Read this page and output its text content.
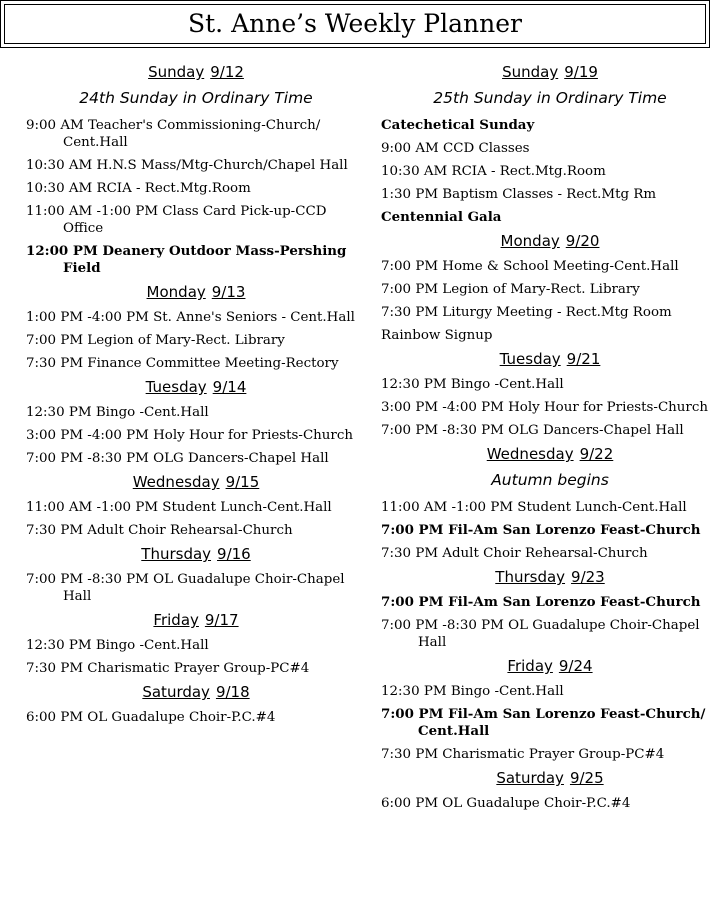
St. Anne’s Weekly Planner
Sunday 9/12
24th Sunday in Ordinary Time
9:00 AM Teacher's Commissioning-Church/ Cent.Hall
10:30 AM H.N.S Mass/Mtg-Church/Chapel Hall
10:30 AM RCIA - Rect.Mtg.Room
11:00 AM -1:00 PM Class Card Pick-up-CCD Office
12:00 PM Deanery Outdoor Mass-Pershing Field
Monday 9/13
1:00 PM -4:00 PM St. Anne's Seniors - Cent.Hall
7:00 PM Legion of Mary-Rect. Library
7:30 PM Finance Committee Meeting-Rectory
Tuesday 9/14
12:30 PM Bingo -Cent.Hall
3:00 PM -4:00 PM Holy Hour for Priests-Church
7:00 PM -8:30 PM OLG Dancers-Chapel Hall
Wednesday 9/15
11:00 AM -1:00 PM Student Lunch-Cent.Hall
7:30 PM Adult Choir Rehearsal-Church
Thursday 9/16
7:00 PM -8:30 PM OL Guadalupe Choir-Chapel Hall
Friday 9/17
12:30 PM Bingo -Cent.Hall
7:30 PM Charismatic Prayer Group-PC#4
Saturday 9/18
6:00 PM OL Guadalupe Choir-P.C.#4
Sunday 9/19
25th Sunday in Ordinary Time
Catechetical Sunday
9:00 AM CCD Classes
10:30 AM RCIA - Rect.Mtg.Room
1:30 PM Baptism Classes - Rect.Mtg Rm
Centennial Gala
Monday 9/20
7:00 PM Home & School Meeting-Cent.Hall
7:00 PM Legion of Mary-Rect. Library
7:30 PM Liturgy Meeting - Rect.Mtg Room
Rainbow Signup
Tuesday 9/21
12:30 PM Bingo -Cent.Hall
3:00 PM -4:00 PM Holy Hour for Priests-Church
7:00 PM -8:30 PM OLG Dancers-Chapel Hall
Wednesday 9/22
Autumn begins
11:00 AM -1:00 PM Student Lunch-Cent.Hall
7:00 PM Fil-Am San Lorenzo Feast-Church
7:30 PM Adult Choir Rehearsal-Church
Thursday 9/23
7:00 PM Fil-Am San Lorenzo Feast-Church
7:00 PM -8:30 PM OL Guadalupe Choir-Chapel Hall
Friday 9/24
12:30 PM Bingo -Cent.Hall
7:00 PM Fil-Am San Lorenzo Feast-Church/ Cent.Hall
7:30 PM Charismatic Prayer Group-PC#4
Saturday 9/25
6:00 PM OL Guadalupe Choir-P.C.#4
